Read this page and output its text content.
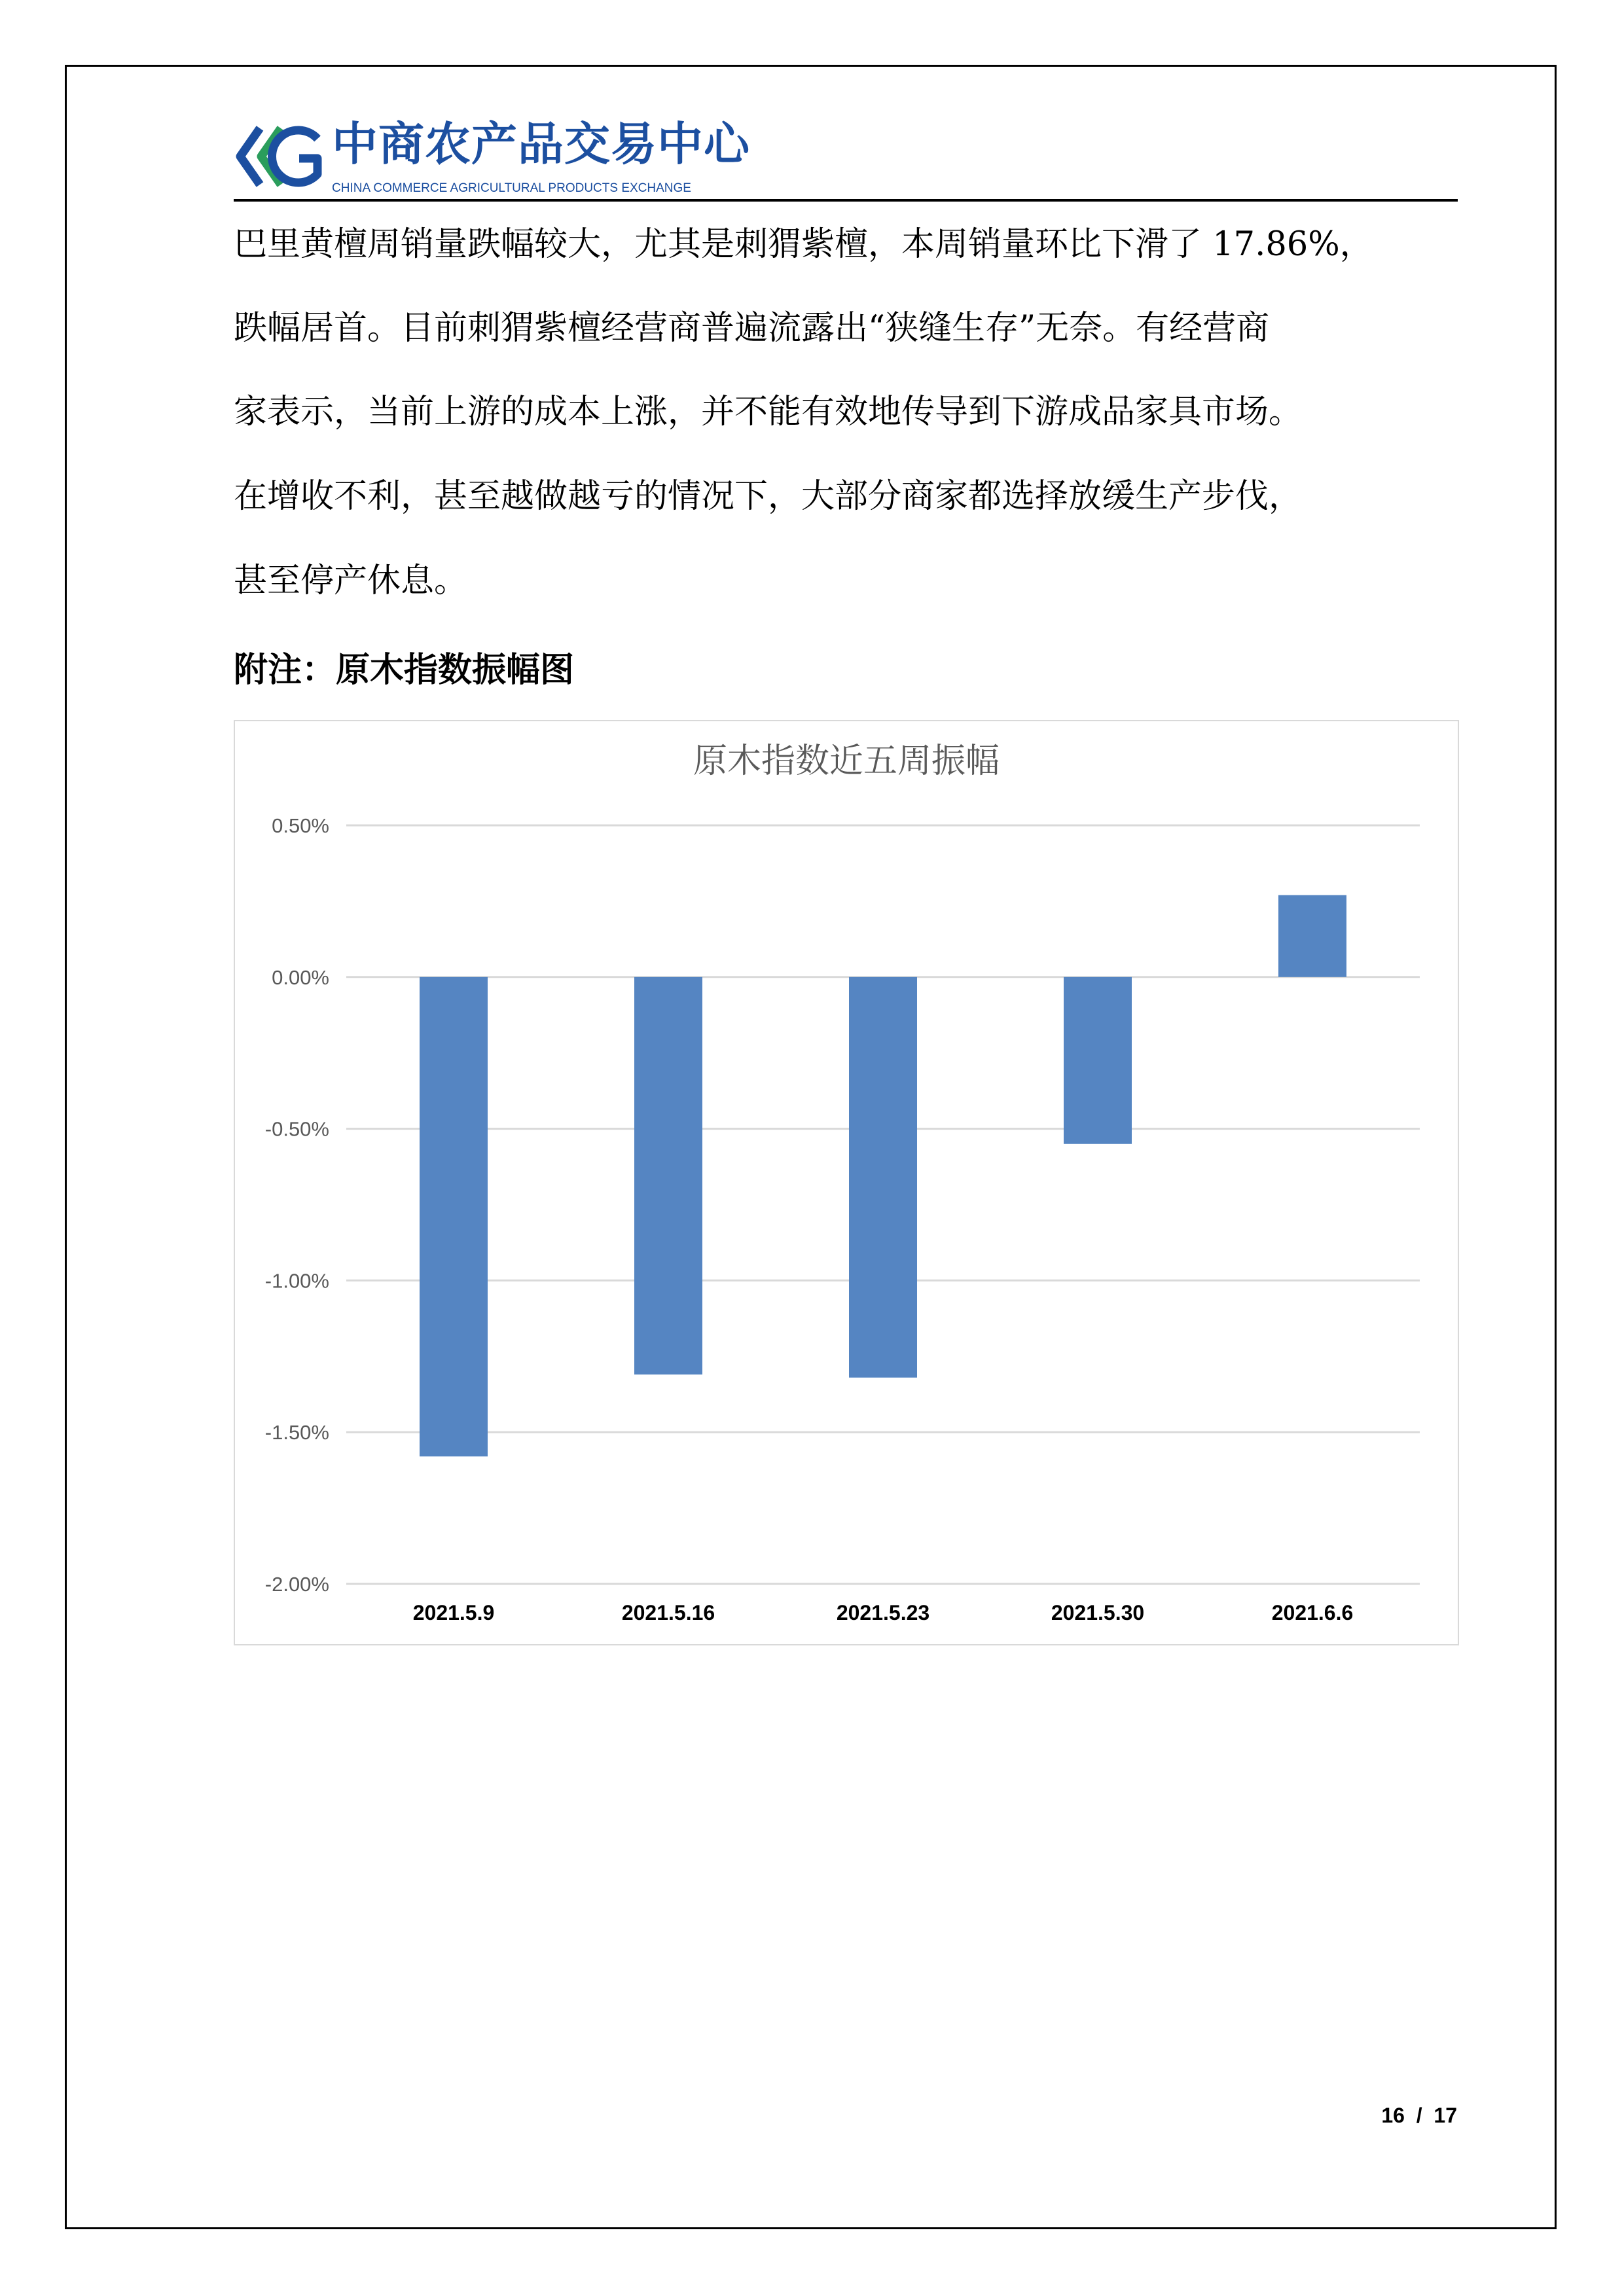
中商农产品交易中心
CHINA COMMERCE AGRICULTURAL PRODUCTS EXCHANGE
巴里黄檀周销量跌幅较大，尤其是刺猬紫檀，本周销量环比下滑了 17.86%，
跌幅居首。目前刺猬紫檀经营商普遍流露出“狭缝生存”无奈。有经营商
家表示，当前上游的成本上涨，并不能有效地传导到下游成品家具市场。
在增收不利，甚至越做越亏的情况下，大部分商家都选择放缓生产步伐，
甚至停产休息。
附注：原木指数振幅图
原木指数近五周振幅
0.50%
0.00%
-0.50%
-1.00%
-1.50%
-2.00%
2021.5.9	2021.5.16	2021.5.23	2021.5.30	2021.6.6
16  /  17
